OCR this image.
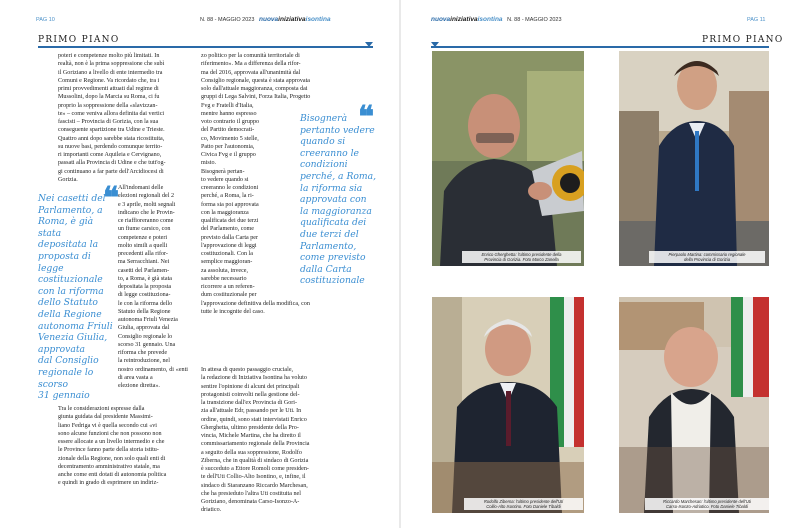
PAG 10	N. 88 - MAGGIO 2023 nuovainiziativaisontina
PRIMO PIANO

poteri e competenze molto più limitati. In
realtà, non è la prima soppressione che subì
il Goriziano a livello di ente intermedio tra
Comuni e Regione. Va ricordato che, tra i
primi provvedimenti attuati dal regime di
Mussolini, dopo la Marcia su Roma, ci fu
proprio la soppressione della «slavizzan-
te» – come veniva allora definita dai vertici
fascisti – Provincia di Gorizia, con la sua
conseguente spartizione tra Udine e Trieste.
Quattro anni dopo sarebbe stata ricostituita,
su nuove basi, perdendo comunque territo-
ri importanti come Aquileia e Cervignano,
passati alla Provincia di Udine e che tutt'og-
gi continuano a far parte dell'Arcidiocesi di
Gorizia.

All'indomani delle
elezioni regionali del 2
e 3 aprile, molti segnali
indicano che le Provin-
ce riaffioreranno come
un fiume carsico, con
competenze e poteri
molto simili a quelli
precedenti alla rifor-
ma Serracchiani. Nei
casetti del Parlamen-
to, a Roma, è già stata
depositata la proposta
di legge costituziona-
le con la riforma dello
Statuto della Regione
autonoma Friuli Venezia
Giulia, approvata dal
Consiglio regionale lo
scorso 31 gennaio. Una
riforma che prevede
la reintroduzione, nel
nostro ordinamento, di «enti di area vasta a
elezione diretta».

Tra le considerazioni espresse dalla
giunta guidata dal presidente Massimi-
liano Fedriga vi è quella secondo cui «vi
sono alcune funzioni che non possono non
essere allocate a un livello intermedio e che
le Province fanno parte della storia istitu-
zionale della Regione, non solo quali enti di
decentramento amministrativo statale, ma
anche come enti dotati di autonomia politica
e quindi in grado di esprimere un indiriz-

zo politico per la comunità territoriale di
riferimento». Ma a differenza della rifor-
ma del 2016, approvata all'unanimità dal
Consiglio regionale, questa è stata approvata
solo dall'attuale maggioranza, composta dai
gruppi di Lega Salvini, Forza Italia, Progetto
Fvg e Fratelli d'Italia,
mentre hanno espresso
voto contrario il gruppo
del Partito democrati-
co, Movimento 5 stelle,
Patto per l'autonomia,
Civica Fvg e il gruppo
misto.
Bisognerà pertan-
to vedere quando si
creeranno le condizioni
perché, a Roma, la ri-
forma sia poi approvata
con la maggioranza
qualificata dei due terzi
del Parlamento, come
previsto dalla Carta per
l'approvazione di leggi
costituzionali. Con la
semplice maggioran-
za assoluta, invece,
sarebbe necessario
ricorrere a un referen-
dum costituzionale per
l'approvazione definitiva della modifica, con
tutte le incognite del caso.

In attesa di questo passaggio cruciale,
la redazione di Iniziativa Isontina ha voluto
sentire l'opinione di alcuni dei principali
protagonisti coinvolti nella gestione del-
la transizione dall'ex Provincia di Gori-
zia all'attuale Edr, passando per le Uti. In
ordine, quindi, sono stati intervistati Enrico
Gherghetta, ultimo presidente della Pro-
vincia, Michele Martina, che ha diretto il
commissariamento regionale della Provincia
a seguito della sua soppressione, Rodolfo
Ziberna, che in qualità di sindaco di Gorizia
è succeduto a Ettore Romoli come presiden-
te dell'Uti Collio-Alto Isontino, e, infine, il
sindaco di Staranzano Riccardo Marchesan,
che ha presieduto l'altra Uti costituita nel
Goriziano, denominata Carso-Isonzo-A-
driatico.

❝
Nei casetti del
Parlamento, a
Roma, è già stata
depositata la
proposta di legge
costituzionale
con la riforma
dello Statuto
della Regione
autonoma Friuli
Venezia Giulia,
approvata
dal Consiglio
regionale lo scorso
31 gennaio
❝
Bisognerà
pertanto vedere
quando si
creeranno le
condizioni
perché, a Roma,
la riforma sia
approvata con
la maggioranza
qualificata dei
due terzi del
Parlamento,
come previsto
dalla Carta
costituzionale
nuovainiziativaisontina N. 88 - MAGGIO 2023	PAG 11
PRIMO PIANO
Enrico Gherghetta: l'ultimo presidente della
Provincia di Gorizia. Foto Marco Zanella
Pierpaolo Martina: commissario regionale
della Provincia di Gorizia
Rodolfo Ziberna: l'ultimo presidente dell'Uti
Collio-Alto Isontino. Foto Daniele Tibaldi
Riccardo Marchesan: l'ultimo presidente dell'Uti
Carso-Isonzo-Adriatico. Foto Daniele Tibaldi
